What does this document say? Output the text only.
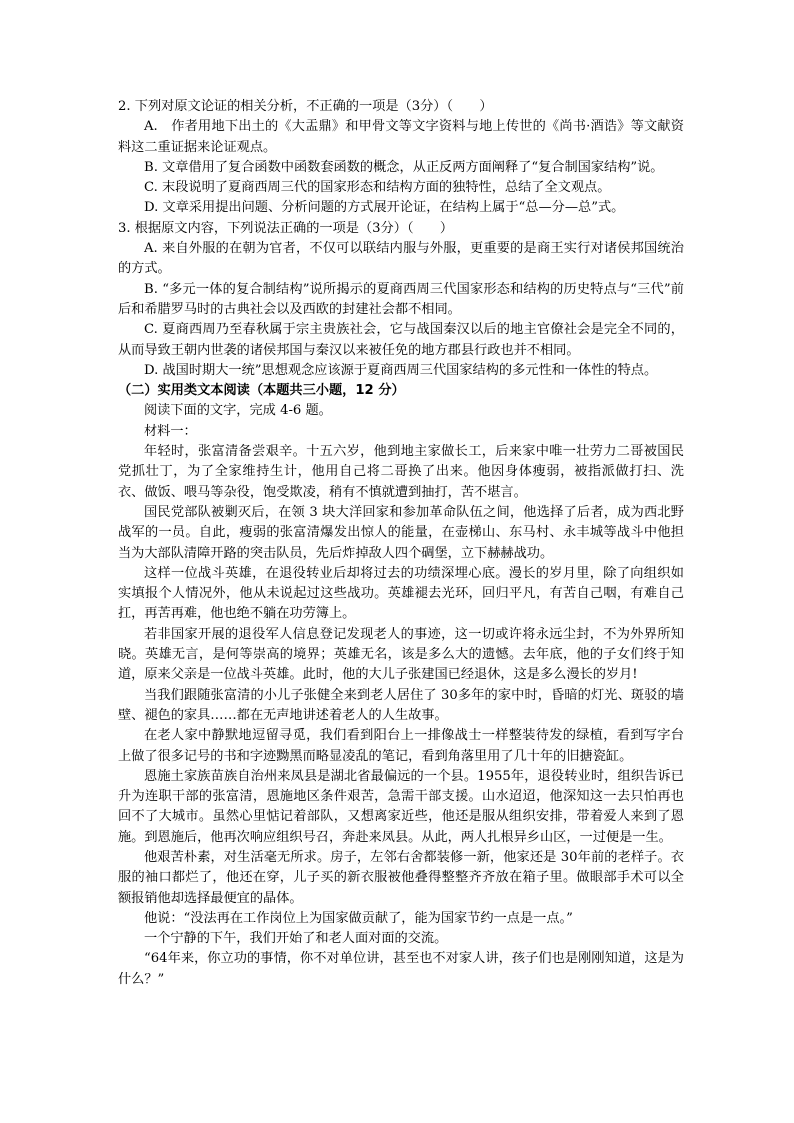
2. 下列对原文论证的相关分析，不正确的一项是（3分）（　　）

A.　作者用地下出土的《大盂鼎》和甲骨文等文字资料与地上传世的《尚书·酒诰》等文献资料这二重证据来论证观点。

B. 文章借用了复合函数中函数套函数的概念，从正反两方面阐释了“复合制国家结构”说。

C. 末段说明了夏商西周三代的国家形态和结构方面的独特性，总结了全文观点。

D. 文章采用提出问题、分析问题的方式展开论证，在结构上属于“总—分—总”式。

3. 根据原文内容，下列说法正确的一项是（3分）（　　）

A. 来自外服的在朝为官者，不仅可以联结内服与外服，更重要的是商王实行对诸侯邦国统治的方式。

B. “多元一体的复合制结构”说所揭示的夏商西周三代国家形态和结构的历史特点与“三代”前后和希腊罗马时的古典社会以及西欧的封建社会都不相同。

C. 夏商西周乃至春秋属于宗主贵族社会，它与战国秦汉以后的地主官僚社会是完全不同的，从而导致王朝内世袭的诸侯邦国与秦汉以来被任免的地方郡县行政也并不相同。

D. 战国时期大一统”思想观念应该源于夏商西周三代国家结构的多元性和一体性的特点。

（二）实用类文本阅读（本题共三小题，12 分）

阅读下面的文字，完成 4-6 题。

材料一：

年轻时，张富清备尝艰辛。十五六岁，他到地主家做长工，后来家中唯一壮劳力二哥被国民党抓壮丁，为了全家维持生计，他用自己将二哥换了出来。他因身体瘦弱，被指派做打扫、洗衣、做饭、喂马等杂役，饱受欺凌，稍有不慎就遭到抽打，苦不堪言。

国民党部队被剿灭后，在领 3 块大洋回家和参加革命队伍之间，他选择了后者，成为西北野战军的一员。自此，瘦弱的张富清爆发出惊人的能量，在壶梯山、东马村、永丰城等战斗中他担当为大部队清障开路的突击队员，先后炸掉敌人四个碉堡，立下赫赫战功。

这样一位战斗英雄，在退役转业后却将过去的功绩深埋心底。漫长的岁月里，除了向组织如实填报个人情况外，他从未说起过这些战功。英雄褪去光环，回归平凡，有苦自己咽，有难自己扛，再苦再难，他也绝不躺在功劳簿上。

若非国家开展的退役军人信息登记发现老人的事迹，这一切或许将永远尘封，不为外界所知晓。英雄无言，是何等崇高的境界；英雄无名，该是多么大的遗憾。去年底，他的子女们终于知道，原来父亲是一位战斗英雄。此时，他的大儿子张建国已经退休，这是多么漫长的岁月!

当我们跟随张富清的小儿子张健全来到老人居住了 30多年的家中时，昏暗的灯光、斑驳的墙壁、褪色的家具……都在无声地讲述着老人的人生故事。

在老人家中静默地逗留寻觅，我们看到阳台上一排像战士一样整装待发的绿植，看到写字台上做了很多记号的书和字迹黝黑而略显凌乱的笔记，看到角落里用了几十年的旧搪瓷缸。

恩施土家族苗族自治州来凤县是湖北省最偏远的一个县。1955年，退役转业时，组织告诉已升为连职干部的张富清，恩施地区条件艰苦，急需干部支援。山水迢迢，他深知这一去只怕再也回不了大城市。虽然心里惦记着部队，又想离家近些，他还是服从组织安排，带着爱人来到了恩施。到恩施后，他再次响应组织号召，奔赴来凤县。从此，两人扎根异乡山区，一过便是一生。

他艰苦朴素，对生活毫无所求。房子，左邻右舍都装修一新，他家还是 30年前的老样子。衣服的袖口都烂了，他还在穿，儿子买的新衣服被他叠得整整齐齐放在箱子里。做眼部手术可以全额报销他却选择最便宜的晶体。

他说：“没法再在工作岗位上为国家做贡献了，能为国家节约一点是一点。”

一个宁静的下午，我们开始了和老人面对面的交流。

“64年来，你立功的事情，你不对单位讲，甚至也不对家人讲，孩子们也是刚刚知道，这是为什么？”
